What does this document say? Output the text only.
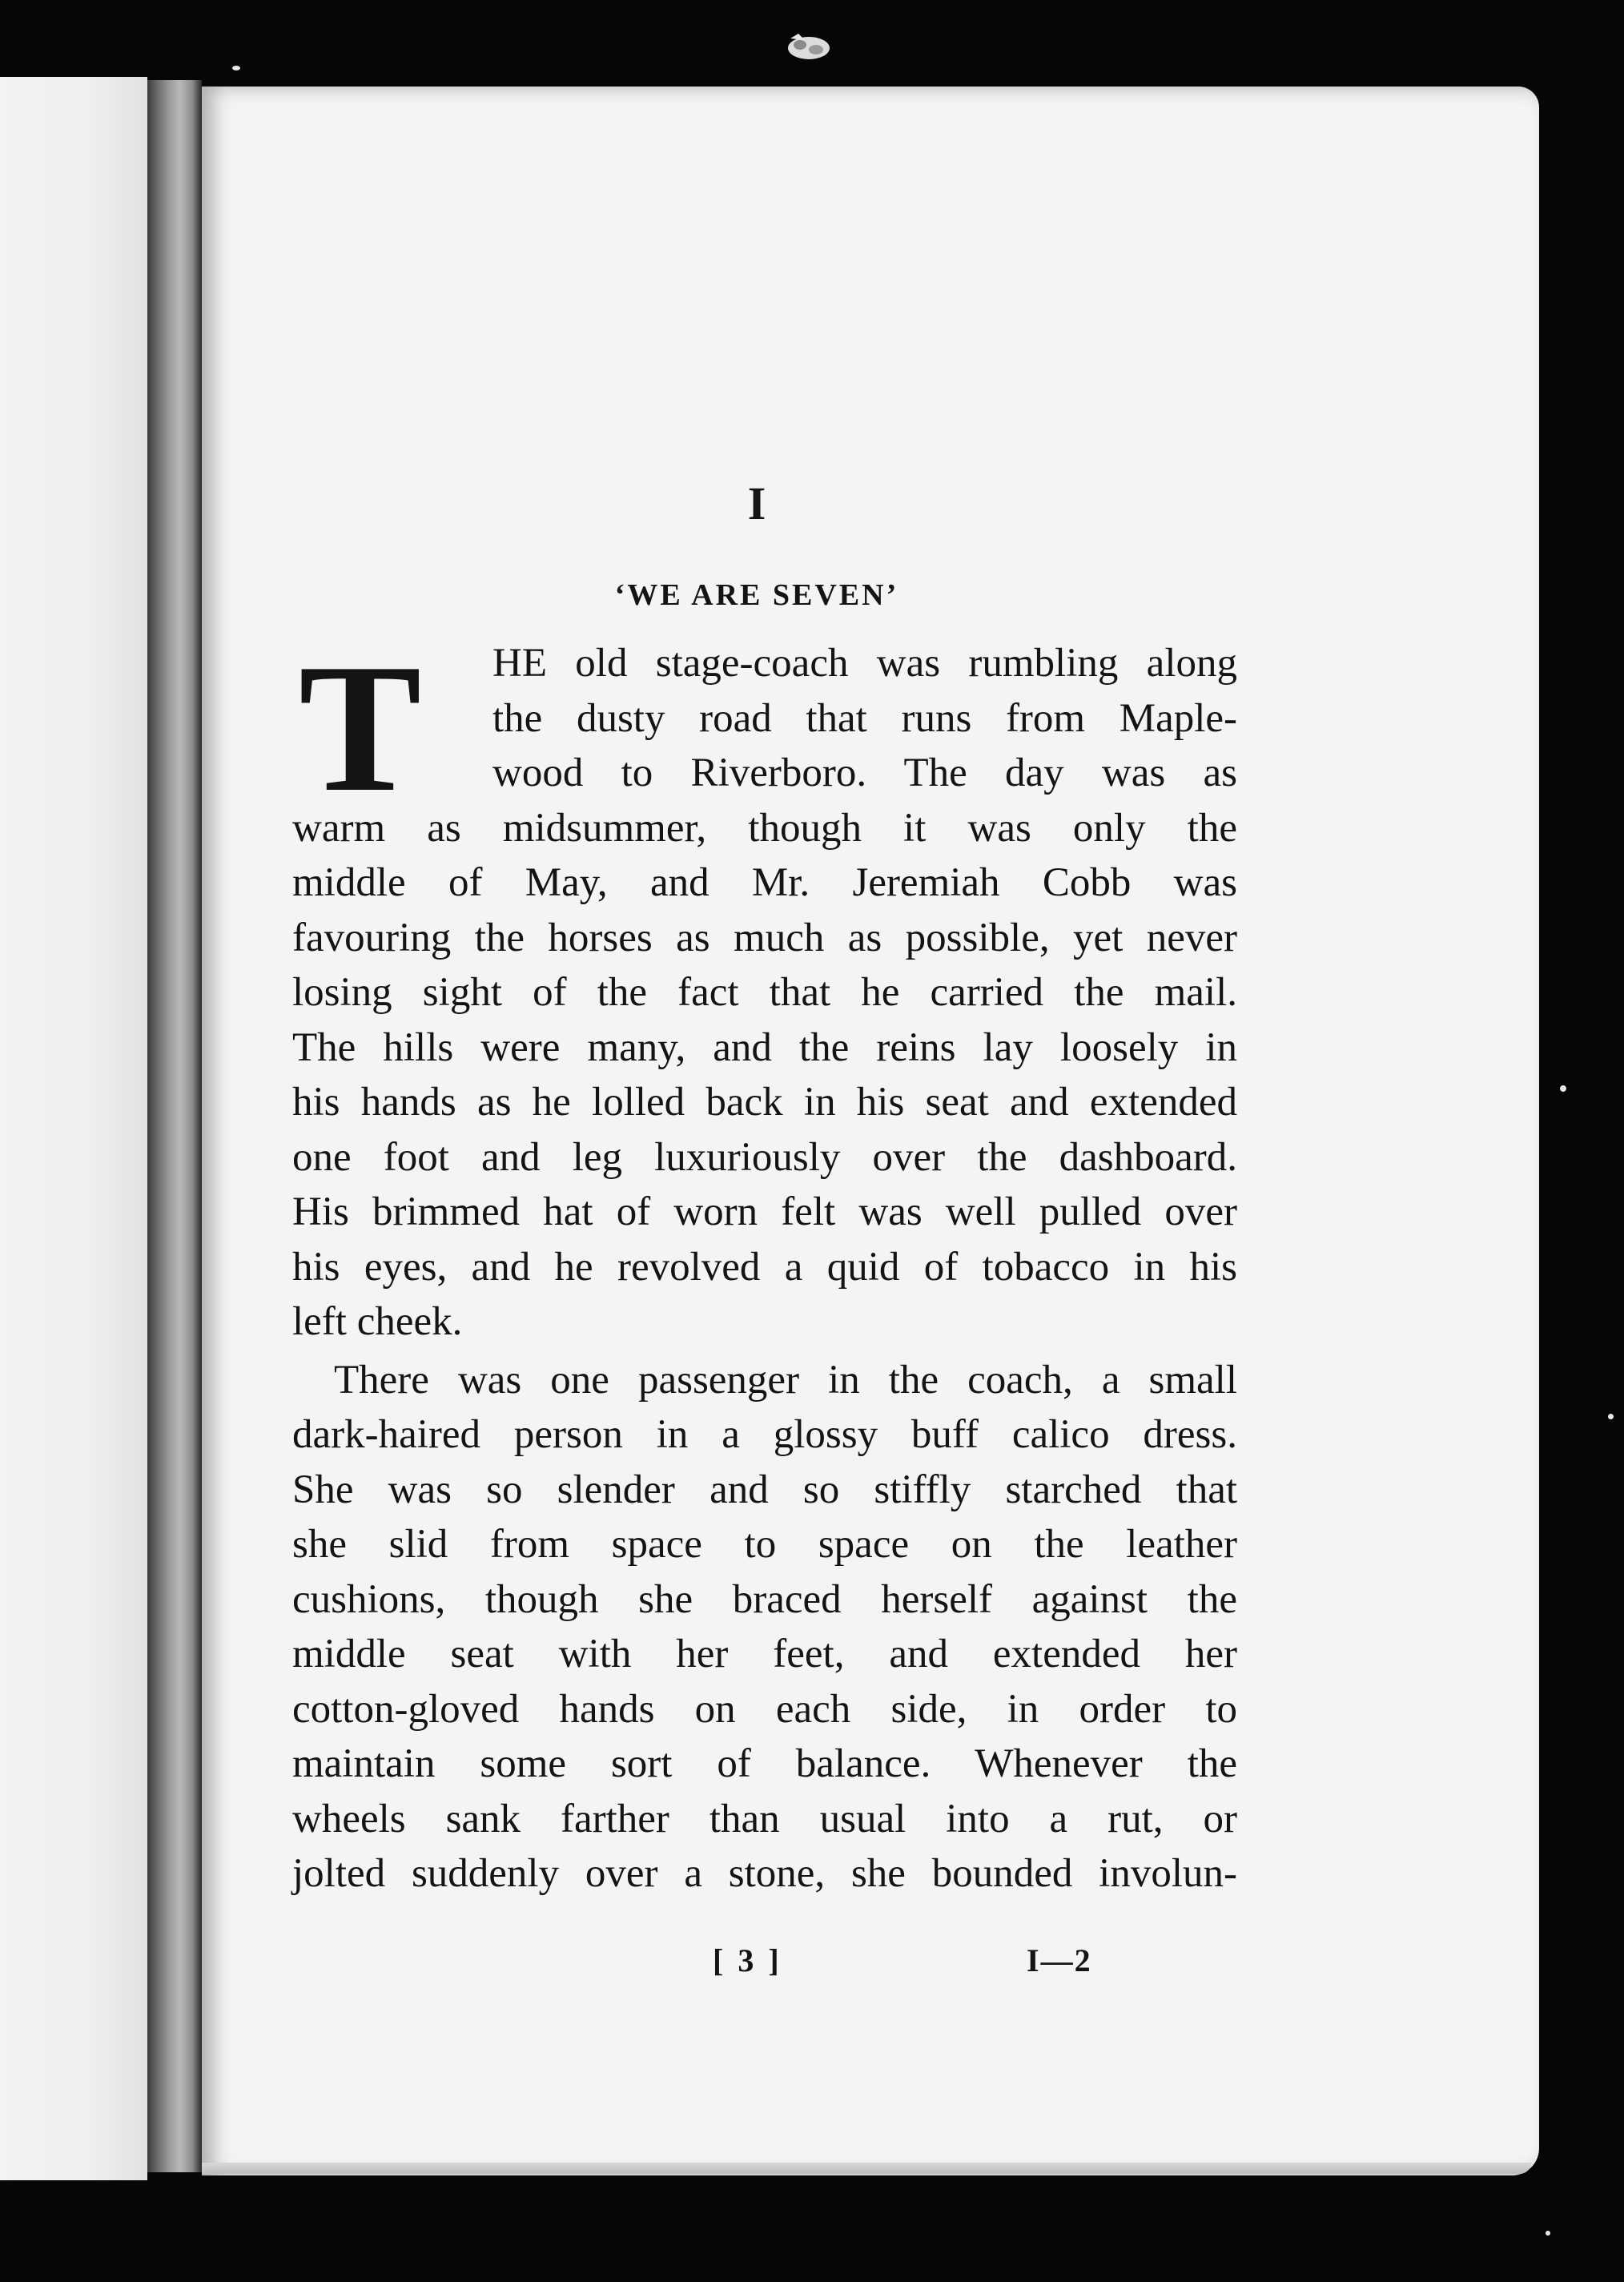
I
‘WE ARE SEVEN’
T	HE old stage-coach was rumbling along
the dusty road that runs from Maple-
wood to Riverboro. The day was as
warm as midsummer, though it was only the
middle of May, and Mr. Jeremiah Cobb was
favouring the horses as much as possible, yet never
losing sight of the fact that he carried the mail.
The hills were many, and the reins lay loosely in
his hands as he lolled back in his seat and extended
one foot and leg luxuriously over the dashboard.
His brimmed hat of worn felt was well pulled over
his eyes, and he revolved a quid of tobacco in his
left cheek.
There was one passenger in the coach, a small
dark-haired person in a glossy buff calico dress.
She was so slender and so stiffly starched that
she slid from space to space on the leather
cushions, though she braced herself against the
middle seat with her feet, and extended her
cotton-gloved hands on each side, in order to
maintain some sort of balance. Whenever the
wheels sank farther than usual into a rut, or
jolted suddenly over a stone, she bounded involun-
[ 3 ]	I—2
